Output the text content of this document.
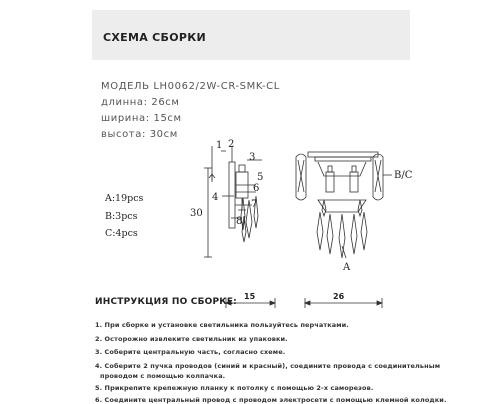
СХЕМА СБОРКИ
МОДЕЛЬ LH0062/2W-CR-SMK-CL
длинна: 26см
ширина: 15см
высота: 30см
A:19pcs
B:3pcs
C:4pcs
30
1 2
3
4
5
6
7
8
B/C
A
15	26
ИНСТРУКЦИЯ ПО СБОРКЕ:
1. При сборке и установке светильника пользуйтесь перчатками.
2. Осторожно извлеките светильник из упаковки.
3. Соберите центральную часть, согласно схеме.
4. Соберите 2 пучка проводов (синий и красный), соедините провода с соединительным
проводом с помощью колпачка.
5. Прикрепите крепежную планку к потолку с помощью 2-х саморезов.
6. Соедините центральный провод с проводом электросети с помощью клемной колодки.
